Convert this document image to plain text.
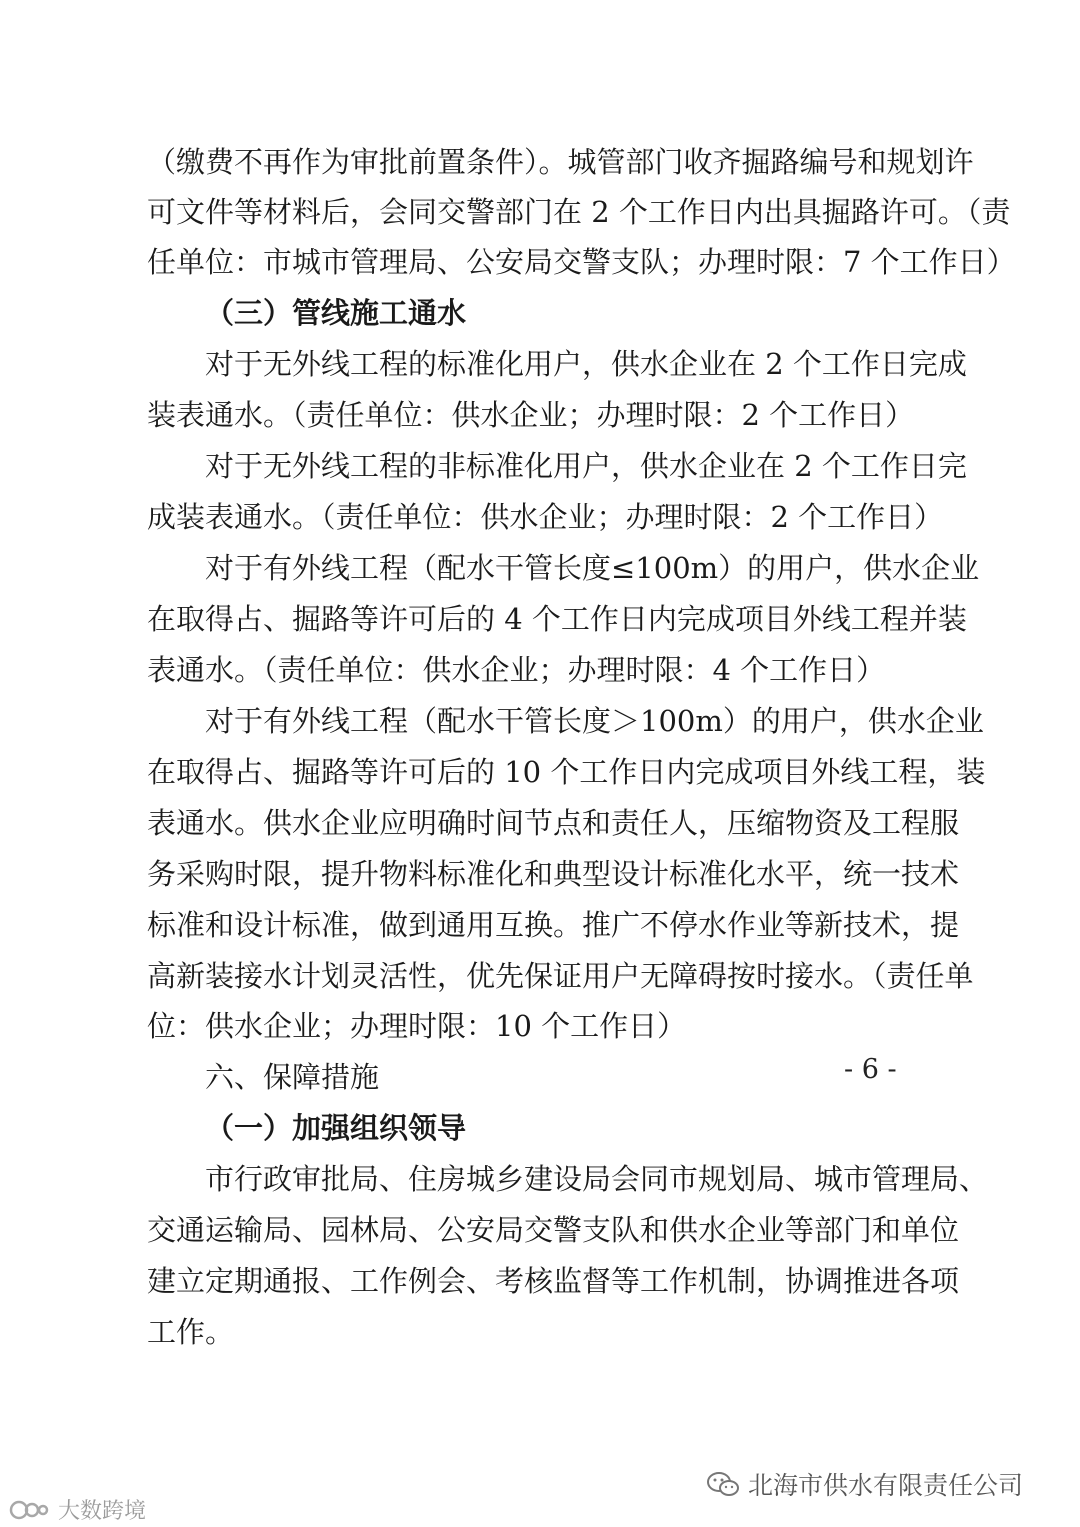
（缴费不再作为审批前置条件）。城管部门收齐掘路编号和规划许
可文件等材料后，会同交警部门在 2 个工作日内出具掘路许可。（责
任单位：市城市管理局、公安局交警支队；办理时限：7 个工作日）
（三）管线施工通水
对于无外线工程的标准化用户，供水企业在 2 个工作日完成
装表通水。（责任单位：供水企业；办理时限：2 个工作日）
对于无外线工程的非标准化用户，供水企业在 2 个工作日完
成装表通水。（责任单位：供水企业；办理时限：2 个工作日）
对于有外线工程（配水干管长度≤100m）的用户，供水企业
在取得占、掘路等许可后的 4 个工作日内完成项目外线工程并装
表通水。（责任单位：供水企业；办理时限：4 个工作日）
对于有外线工程（配水干管长度＞100m）的用户，供水企业
在取得占、掘路等许可后的 10 个工作日内完成项目外线工程，装
表通水。供水企业应明确时间节点和责任人，压缩物资及工程服
务采购时限，提升物料标准化和典型设计标准化水平，统一技术
标准和设计标准，做到通用互换。推广不停水作业等新技术，提
高新装接水计划灵活性，优先保证用户无障碍按时接水。（责任单
位：供水企业；办理时限：10 个工作日）
六、保障措施
（一）加强组织领导
市行政审批局、住房城乡建设局会同市规划局、城市管理局、
交通运输局、园林局、公安局交警支队和供水企业等部门和单位
建立定期通报、工作例会、考核监督等工作机制，协调推进各项
工作。
- 6 -
北海市供水有限责任公司
大数跨境
